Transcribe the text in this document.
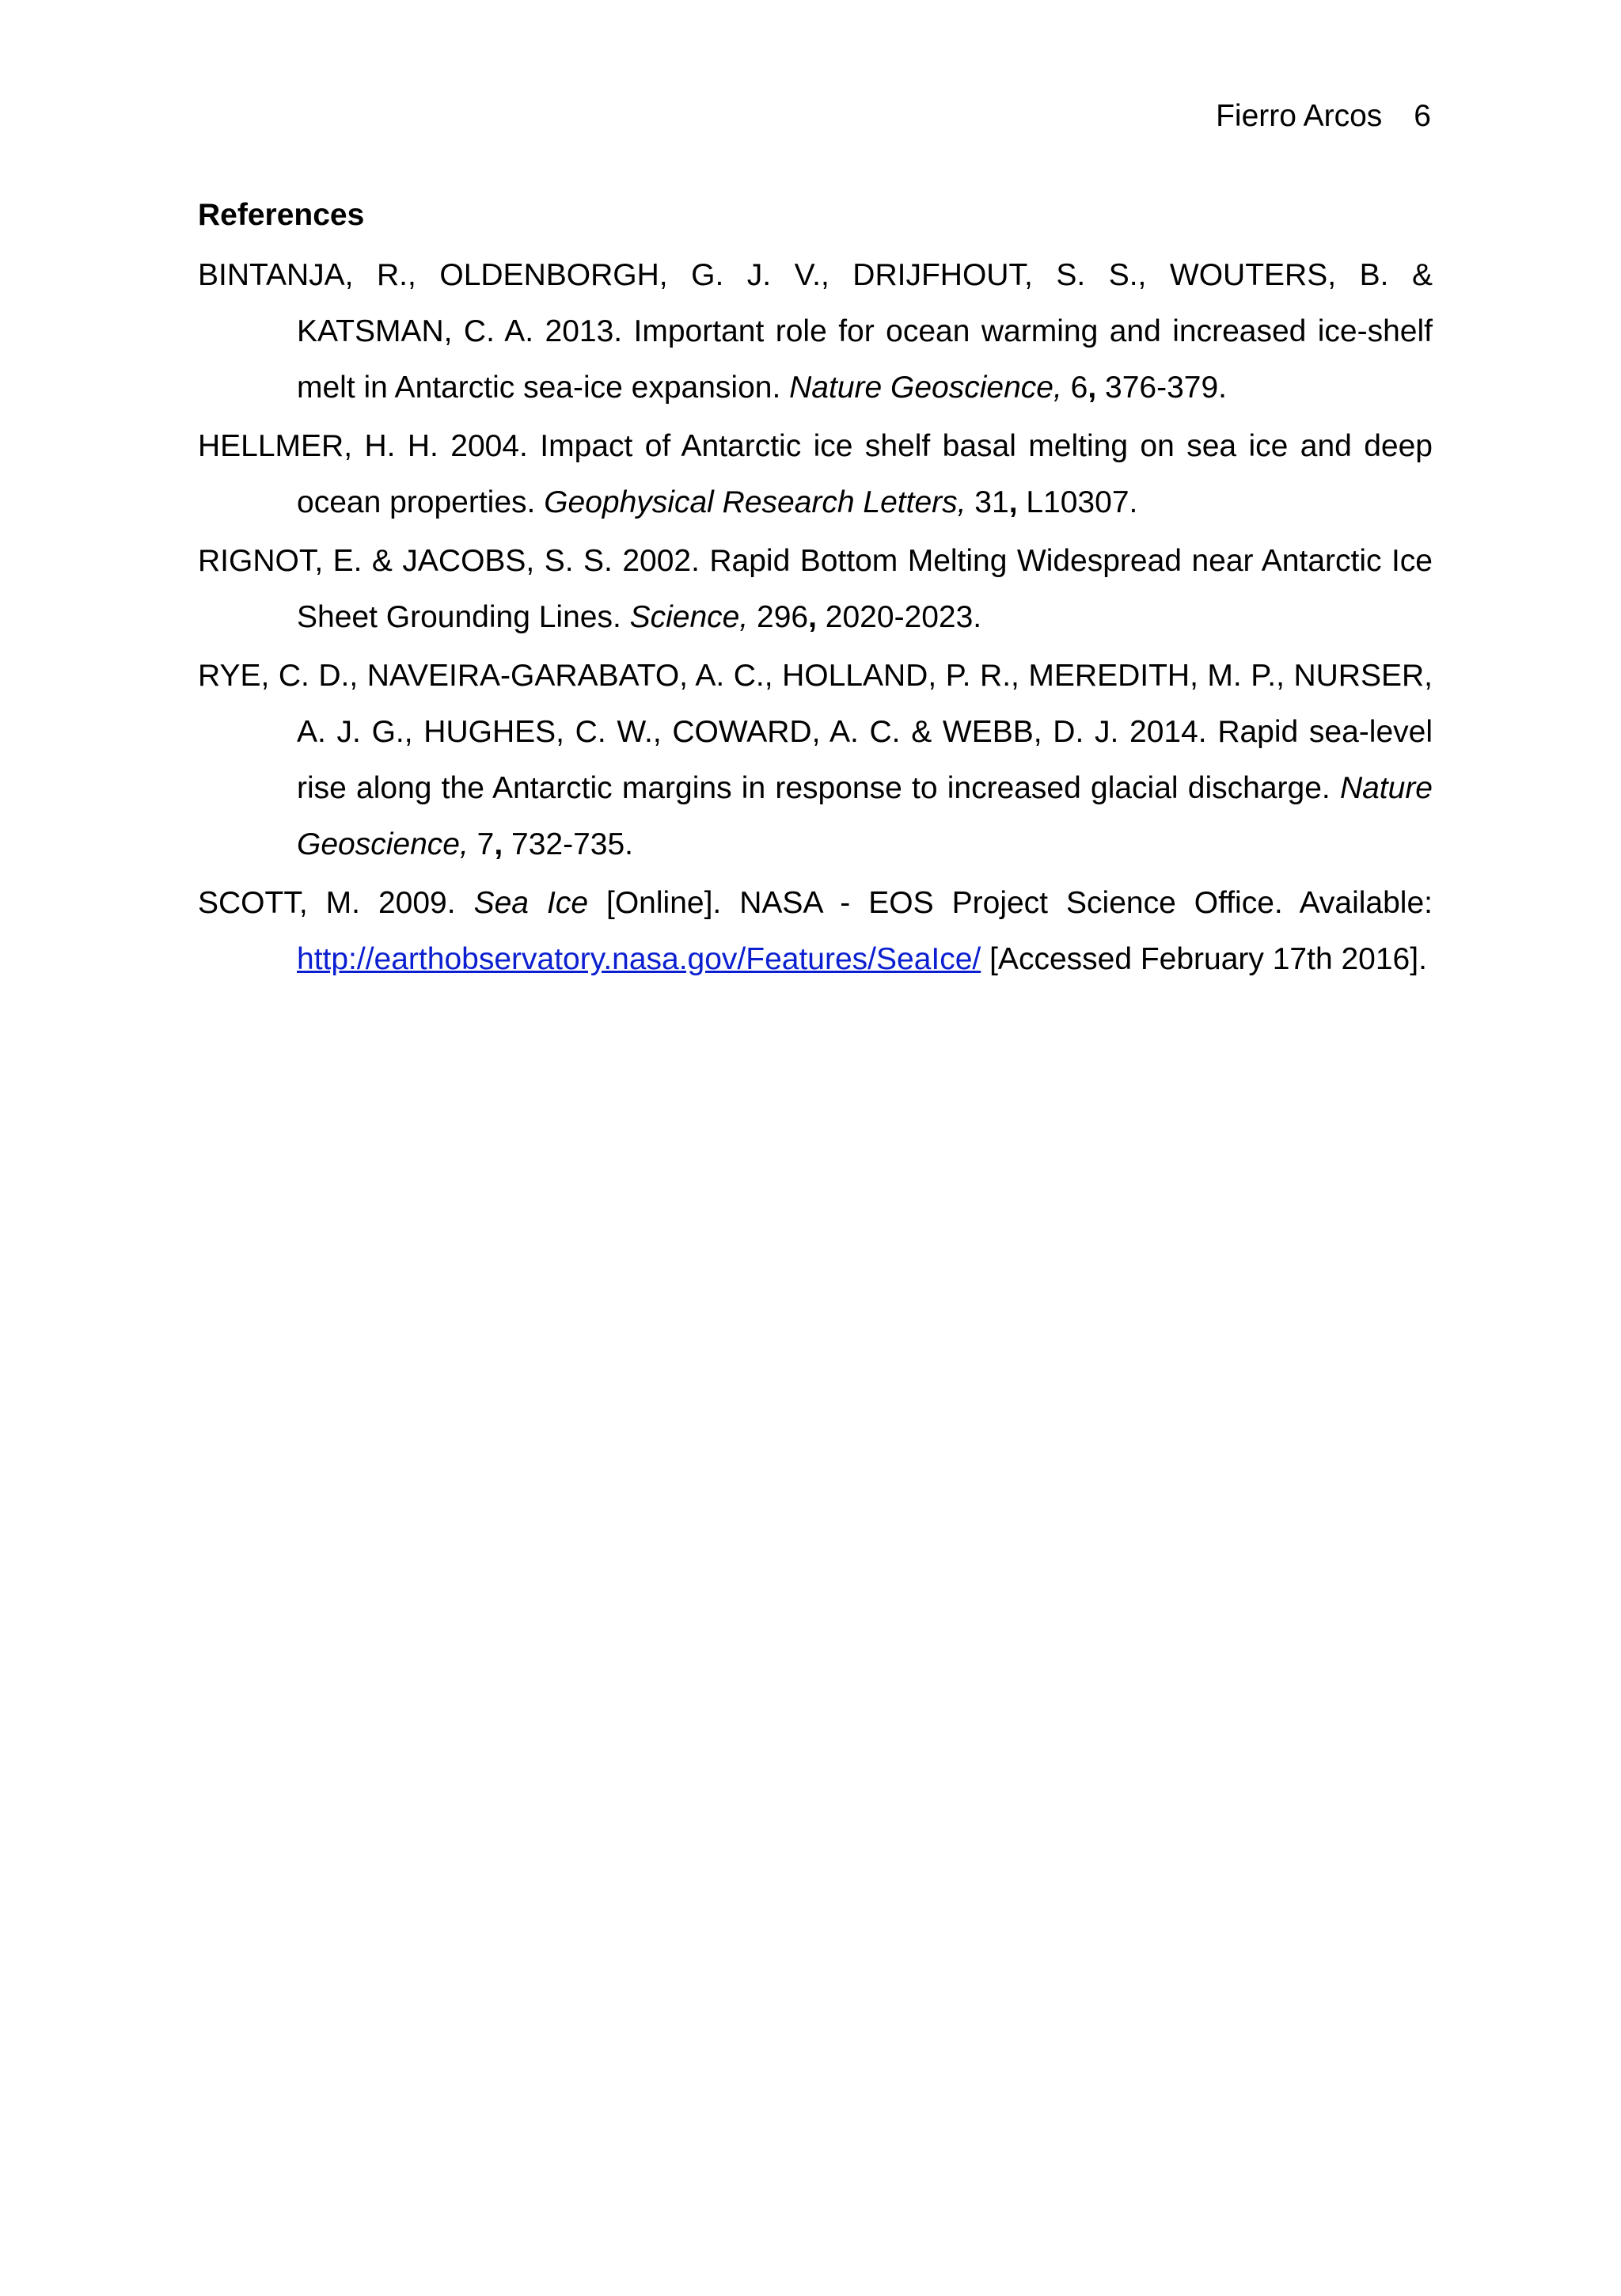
Fierro Arcos 6
References
BINTANJA, R., OLDENBORGH, G. J. V., DRIJFHOUT, S. S., WOUTERS, B. & KATSMAN, C. A. 2013. Important role for ocean warming and increased ice-shelf melt in Antarctic sea-ice expansion. Nature Geoscience, 6, 376-379.
HELLMER, H. H. 2004. Impact of Antarctic ice shelf basal melting on sea ice and deep ocean properties. Geophysical Research Letters, 31, L10307.
RIGNOT, E. & JACOBS, S. S. 2002. Rapid Bottom Melting Widespread near Antarctic Ice Sheet Grounding Lines. Science, 296, 2020-2023.
RYE, C. D., NAVEIRA-GARABATO, A. C., HOLLAND, P. R., MEREDITH, M. P., NURSER, A. J. G., HUGHES, C. W., COWARD, A. C. & WEBB, D. J. 2014. Rapid sea-level rise along the Antarctic margins in response to increased glacial discharge. Nature Geoscience, 7, 732-735.
SCOTT, M. 2009. Sea Ice [Online]. NASA - EOS Project Science Office. Available: http://earthobservatory.nasa.gov/Features/SeaIce/ [Accessed February 17th 2016].
